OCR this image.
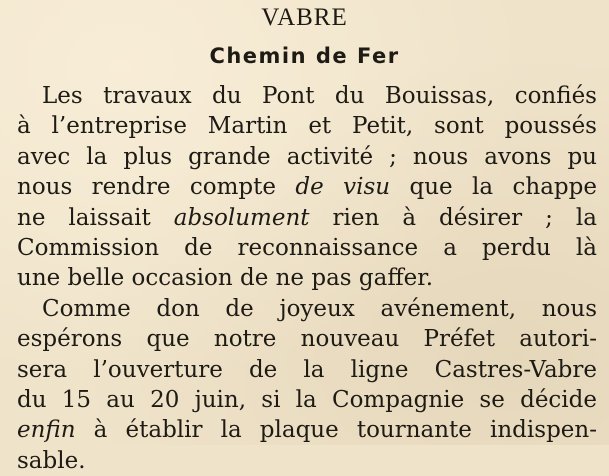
VABRE
Chemin de Fer
Les travaux du Pont du Bouissas, confiés
à l’entreprise Martin et Petit, sont poussés
avec la plus grande activité ; nous avons pu
nous rendre compte de visu que la chappe
ne laissait absolument rien à désirer ; la
Commission de reconnaissance a perdu là
une belle occasion de ne pas gaffer.
Comme don de joyeux avénement, nous
espérons que notre nouveau Préfet autori-
sera l’ouverture de la ligne Castres-Vabre
du 15 au 20 juin, si la Compagnie se décide
enfin à établir la plaque tournante indispen-
sable.
